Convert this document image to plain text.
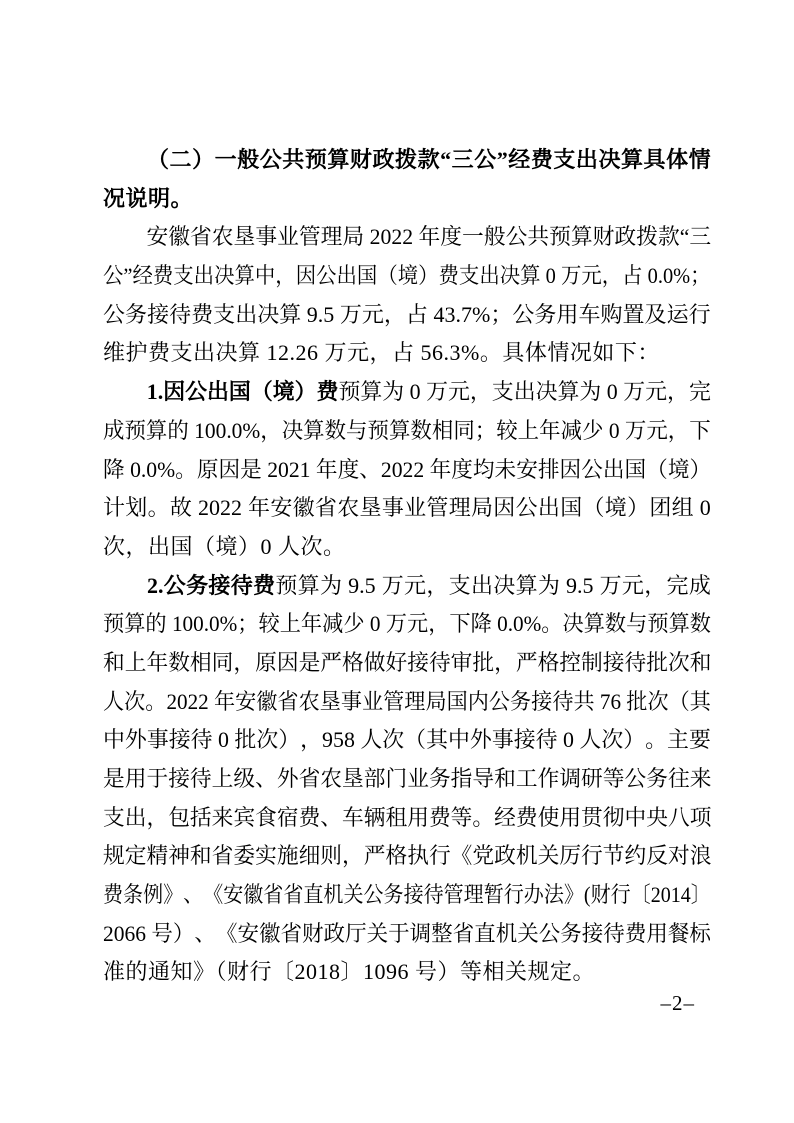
（ 二 ） 一 般 公 共 预 算 财 政 拨 款 “ 三 公 ” 经 费 支 出 决 算 具 体 情
况说明。
安 徽 省 农 垦 事 业 管 理 局
2022
年 度 一 般 公 共 预 算 财 政 拨 款 “ 三
公 ” 经 费 支 出 决 算 中 ， 因 公 出 国 （ 境 ） 费 支 出 决 算
0
万 元 ， 占
0.0% ；
公 务 接 待 费 支 出 决 算
9.5
万 元 ， 占
43.7% ； 公 务 用 车 购 置 及 运 行
维护费支出决算 12.26 万元，占 56.3%。具体情况如下：
1. 因 公 出 国 （ 境 ） 费 预 算 为
0
万 元 ， 支 出 决 算 为
0
万 元 ， 完
成 预 算 的
100.0% ， 决 算 数 与 预 算 数 相 同 ； 较 上 年 减 少
0
万 元 ， 下
降
0.0% 。 原 因 是
2021
年 度 、 2022
年 度 均 未 安 排 因 公 出 国 （ 境 ）
计 划 。 故
2022
年 安 徽 省 农 垦 事 业 管 理 局 因 公 出 国 （ 境 ） 团 组
0
次，出国（境）0 人次。
2. 公 务 接 待 费 预 算 为
9.5
万 元 ， 支 出 决 算 为
9.5
万 元 ， 完 成
预 算 的
100.0% ； 较 上 年 减 少
0
万 元 ， 下 降
0.0% 。 决 算 数 与 预 算 数
和 上 年 数 相 同 ， 原 因 是 严 格 做 好 接 待 审 批 ， 严 格 控 制 接 待 批 次 和
人 次 。 2022
年 安 徽 省 农 垦 事 业 管 理 局 国 内 公 务 接 待 共
76
批 次 （ 其
中 外 事 接 待
0
批 次 ） ， 958
人 次 （ 其 中 外 事 接 待
0
人 次 ） 。 主 要
是 用 于 接 待 上 级 、 外 省 农 垦 部 门 业 务 指 导 和 工 作 调 研 等 公 务 往 来
支 出 ， 包 括 来 宾 食 宿 费 、 车 辆 租 用 费 等 。 经 费 使 用 贯 彻 中 央 八 项
规 定 精 神 和 省 委 实 施 细 则 ， 严 格 执 行 《 党 政 机 关 厉 行 节 约 反 对 浪
费 条 例 》 、 《 安 徽 省 省 直 机 关 公 务 接 待 管 理 暂 行 办 法 》 ( 财 行 〔 2014 〕
2066
号 ） 、 《 安 徽 省 财 政 厅 关 于 调 整 省 直 机 关 公 务 接 待 费 用 餐 标
准的通知》（财行〔2018〕1096 号）等相关规定。
–2–
